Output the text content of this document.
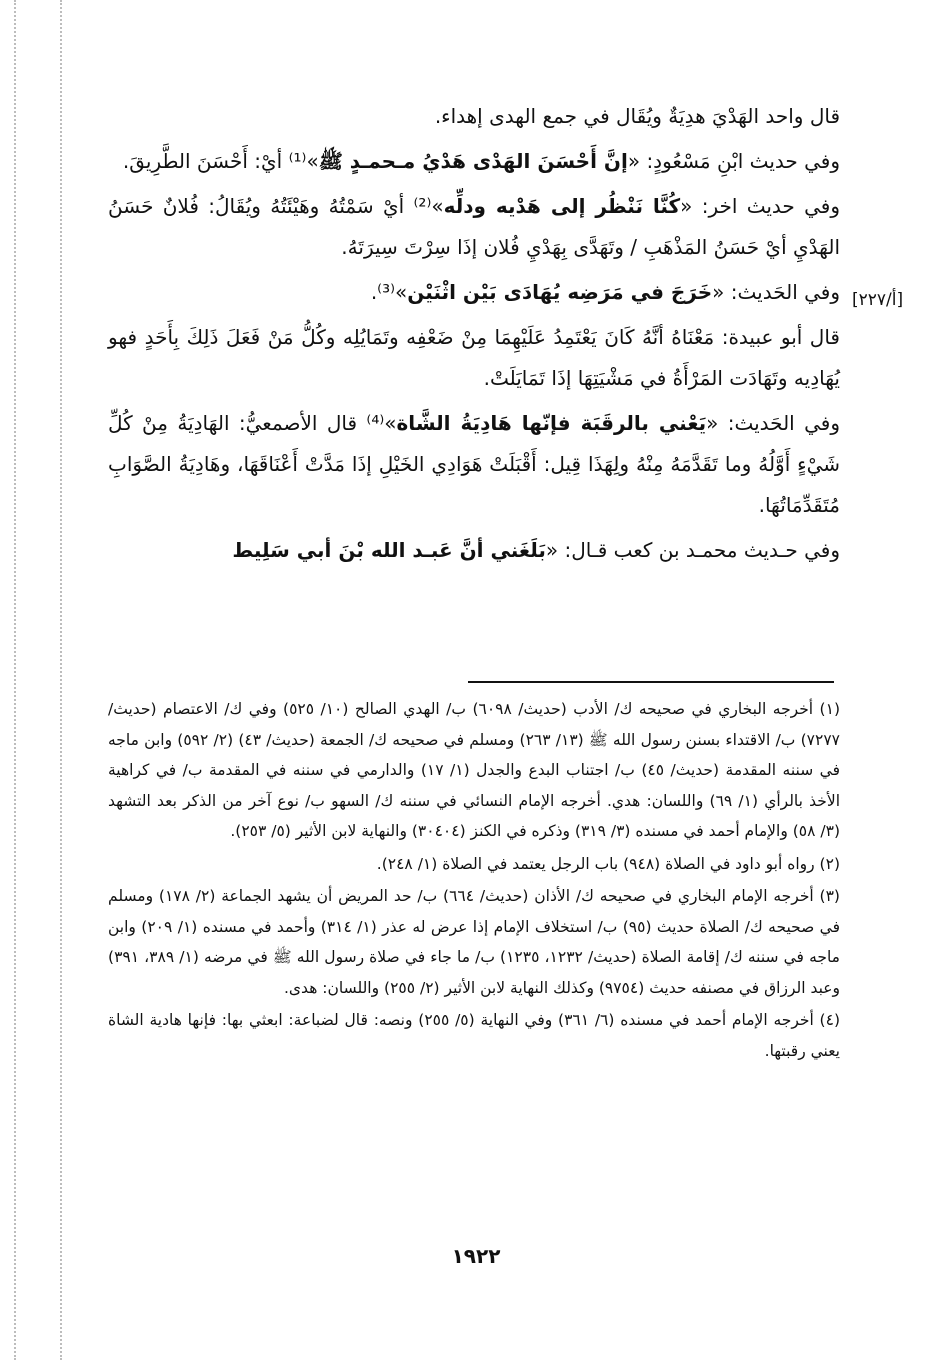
[۲۲۷/أ]

قال واحد الهَدْيَ هدِيَةٌ ويُقَال في جمع الهدى إهداء.

وفي حديث ابْنِ مَسْعُودٍ: «إنَّ أَحْسَنَ الهَدْى هَدْيُ مـحمـدٍ ﷺ»⁽¹⁾ أيْ: أَحْسَنَ الطَّرِيقَ.

وفي حديث اخر: «كُنَّا نَنْظُر إلى هَدْيه ودلِّه»⁽²⁾ أيْ سَمْتُهُ وهَيْئَتُهُ ويُقَالُ: فُلانٌ حَسَنُ الهَدْيِ أيْ حَسَنُ المَذْهَبِ / وتَهَدَّى بِهَدْيِ فُلان إذَا سِرْتَ سِيرَتَهُ.

وفي الحَديث: «خَرَجَ في مَرَضِه يُهَادَى بَيْن اثْنَيْن»⁽³⁾.

قال أبو عبيدة: مَعْنَاهُ أنَّهُ كَانَ يَعْتَمِدُ عَلَيْهِمَا مِنْ ضَعْفِه وتَمَايُلِه وكُلُّ مَنْ فَعَلَ ذَلِكَ بِأَحَدٍ فهو يُهَادِيه وتَهَادَت المَرْأَةُ في مَشْيَتِهَا إذَا تَمَايَلَتْ.

وفي الحَديث: «يَعْني بالرقَبَة فإنّها هَادِيَةُ الشَّاة»⁽⁴⁾ قال الأصمعيُّ: الهَادِيَةُ مِنْ كُلِّ شَيْءٍ أَوَّلُهُ وما تَقَدَّمَهُ مِنْهُ ولِهَذَا قِيل: أَقْبَلَتْ هَوَادِي الخَيْلِ إذَا مَدَّتْ أَعْنَاقَهَا، وهَادِيَةُ الصَّوَابِ مُتَقَدِّمَاتُهَا.

وفي حـديث محمـد بن كعب قـال: «بَلَغَني أنَّ عَبـد الله بْنَ أبي سَلِيط

(١) أخرجه البخاري في صحيحه ك/ الأدب (حديث/ ٦٠٩٨) ب/ الهدي الصالح (١٠/ ٥٢٥) وفي ك/ الاعتصام (حديث/ ٧٢٧٧) ب/ الاقتداء بسنن رسول الله ﷺ (١٣/ ٢٦٣) ومسلم في صحيحه ك/ الجمعة (حديث/ ٤٣) (٢/ ٥٩٢) وابن ماجه في سننه المقدمة (حديث/ ٤٥) ب/ اجتناب البدع والجدل (١/ ١٧) والدارمي في سننه في المقدمة ب/ في كراهية الأخذ بالرأي (١/ ٦٩) واللسان: هدي. أخرجه الإمام النسائي في سننه ك/ السهو ب/ نوع آخر من الذكر بعد التشهد (٣/ ٥٨) والإمام أحمد في مسنده (٣/ ٣١٩) وذكره في الكنز (٣٠٤٠٤) والنهاية لابن الأثير (٥/ ٢٥٣).

(٢) رواه أبو داود في الصلاة (٩٤٨) باب الرجل يعتمد في الصلاة (١/ ٢٤٨).

(٣) أخرجه الإمام البخاري في صحيحه ك/ الأذان (حديث/ ٦٦٤) ب/ حد المريض أن يشهد الجماعة (٢/ ١٧٨) ومسلم في صحيحه ك/ الصلاة حديث (٩٥) ب/ استخلاف الإمام إذا عرض له عذر (١/ ٣١٤) وأحمد في مسنده (١/ ٢٠٩) وابن ماجه في سننه ك/ إقامة الصلاة (حديث/ ١٢٣٢، ١٢٣٥) ب/ ما جاء في صلاة رسول الله ﷺ في مرضه (١/ ٣٨٩، ٣٩١) وعبد الرزاق في مصنفه حديث (٩٧٥٤) وكذلك النهاية لابن الأثير (٢/ ٢٥٥) واللسان: هدى.

(٤) أخرجه الإمام أحمد في مسنده (٦/ ٣٦١) وفي النهاية (٥/ ٢٥٥) ونصه: قال لضباعة: ابعثي بها: فإنها هادية الشاة يعني رقبتها.

١٩٢٢
